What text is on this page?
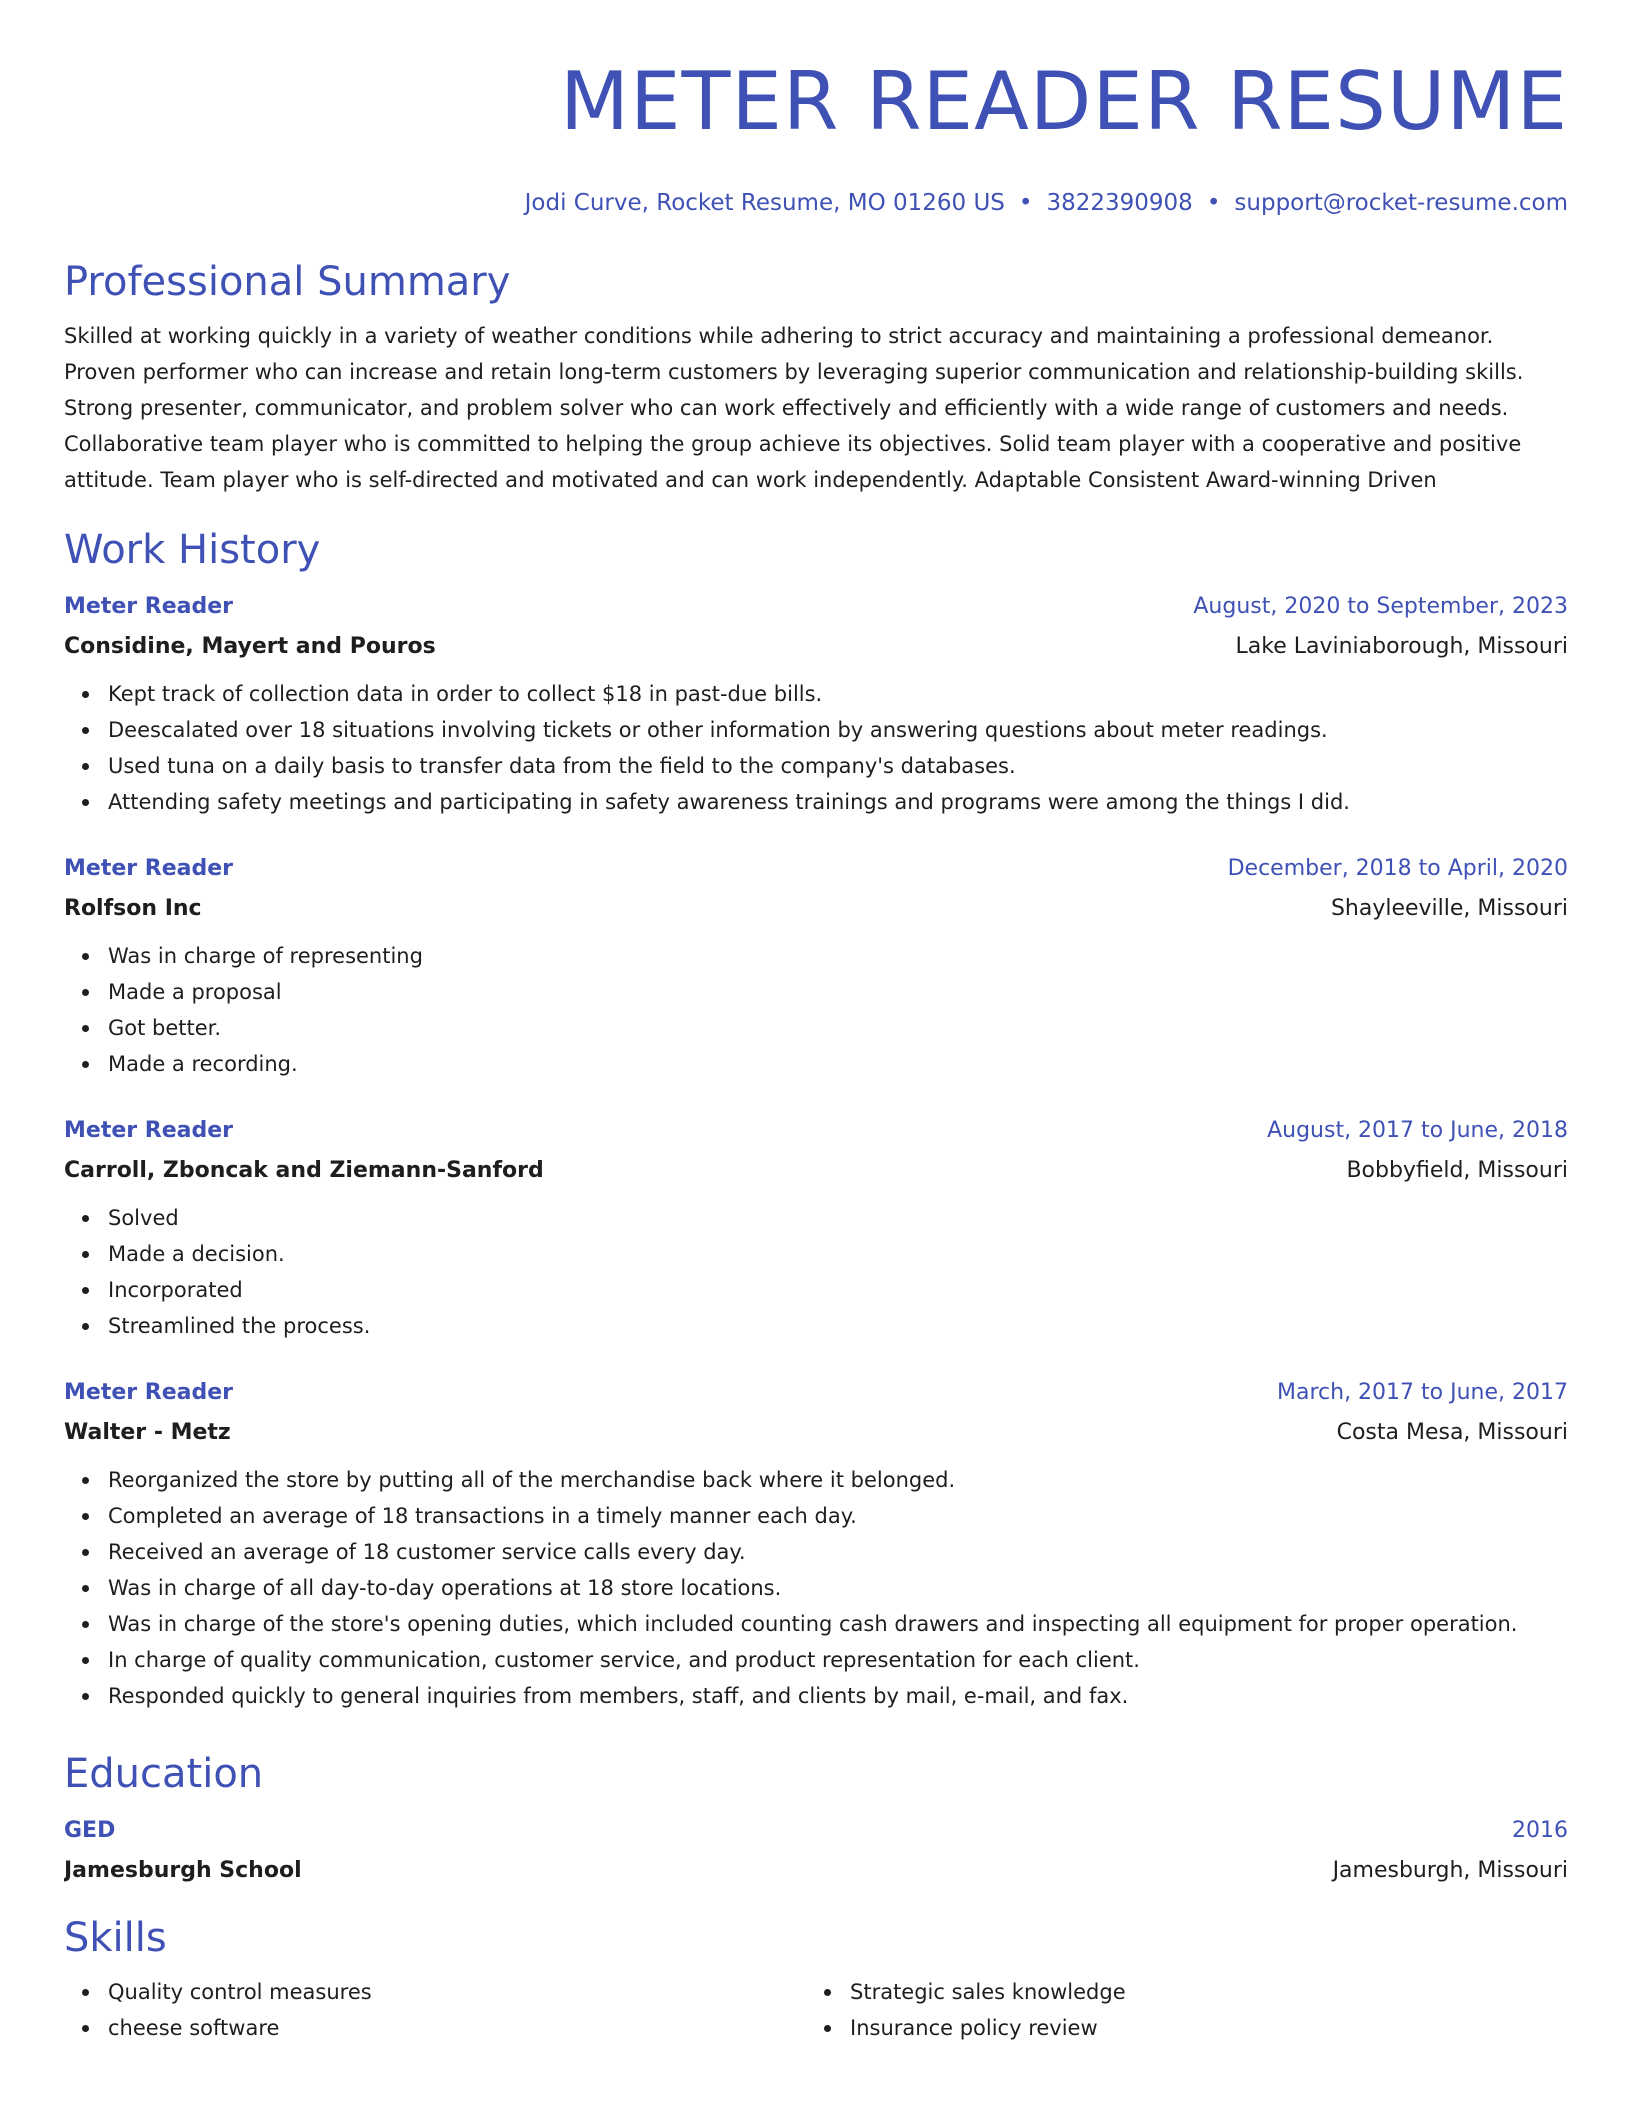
METER READER RESUME
Jodi Curve, Rocket Resume, MO 01260 US • 3822390908 • support@rocket-resume.com
Professional Summary

Skilled at working quickly in a variety of weather conditions while adhering to strict accuracy and maintaining a professional demeanor. Proven performer who can increase and retain long-term customers by leveraging superior communication and relationship-building skills. Strong presenter, communicator, and problem solver who can work effectively and efficiently with a wide range of customers and needs. Collaborative team player who is committed to helping the group achieve its objectives. Solid team player with a cooperative and positive attitude. Team player who is self-directed and motivated and can work independently. Adaptable Consistent Award-winning Driven

Work History
Meter Reader	August, 2020 to September, 2023
Considine, Mayert and Pouros	Lake Laviniaborough, Missouri
Kept track of collection data in order to collect $18 in past-due bills.
Deescalated over 18 situations involving tickets or other information by answering questions about meter readings.
Used tuna on a daily basis to transfer data from the field to the company's databases.
Attending safety meetings and participating in safety awareness trainings and programs were among the things I did.
Meter Reader	December, 2018 to April, 2020
Rolfson Inc	Shayleeville, Missouri
Was in charge of representing
Made a proposal
Got better.
Made a recording.
Meter Reader	August, 2017 to June, 2018
Carroll, Zboncak and Ziemann-Sanford	Bobbyfield, Missouri
Solved
Made a decision.
Incorporated
Streamlined the process.
Meter Reader	March, 2017 to June, 2017
Walter - Metz	Costa Mesa, Missouri
Reorganized the store by putting all of the merchandise back where it belonged.
Completed an average of 18 transactions in a timely manner each day.
Received an average of 18 customer service calls every day.
Was in charge of all day-to-day operations at 18 store locations.
Was in charge of the store's opening duties, which included counting cash drawers and inspecting all equipment for proper operation.
In charge of quality communication, customer service, and product representation for each client.
Responded quickly to general inquiries from members, staff, and clients by mail, e-mail, and fax.
Education
GED	2016
Jamesburgh School	Jamesburgh, Missouri
Skills
Quality control measures
cheese software
Strategic sales knowledge
Insurance policy review
